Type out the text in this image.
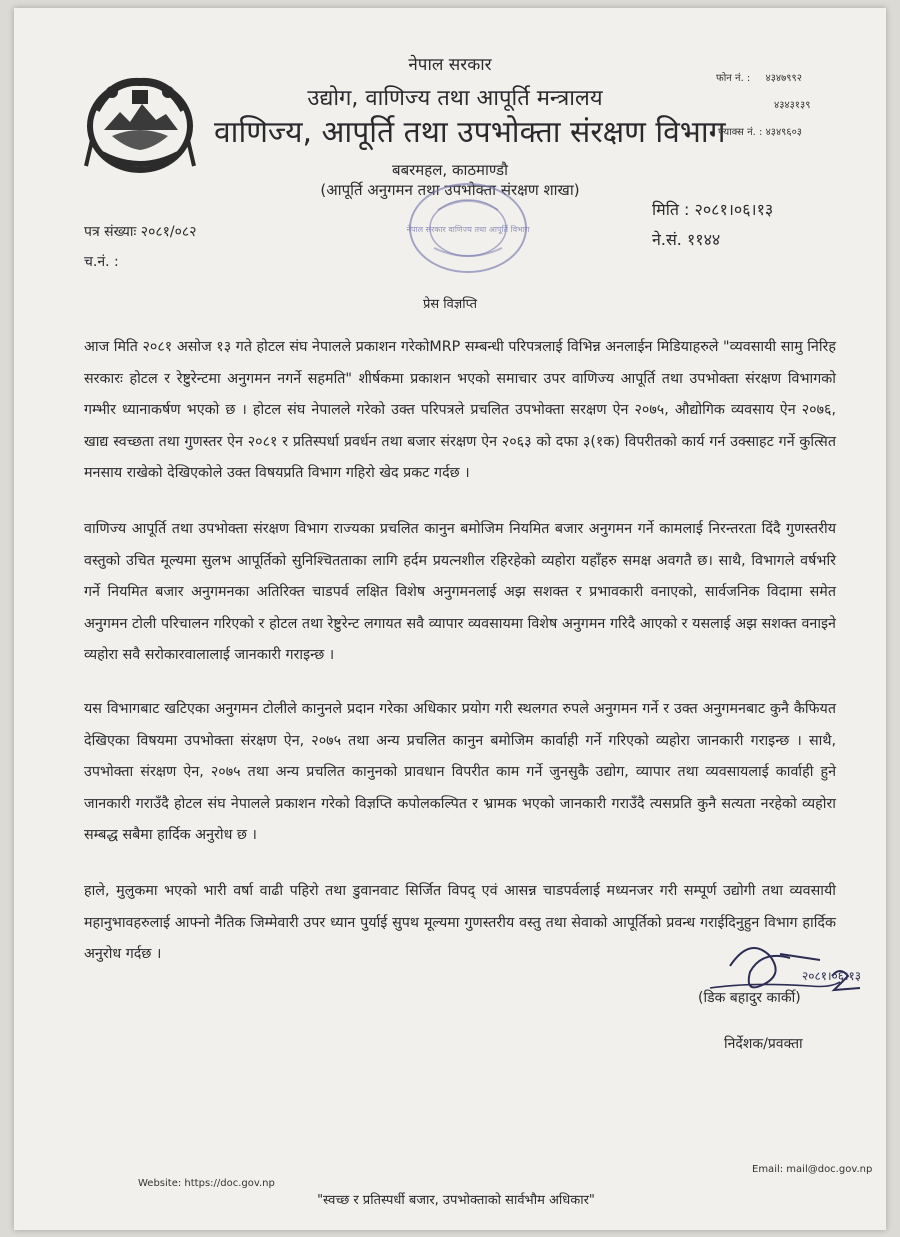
नेपाल सरकार
उद्योग, वाणिज्य तथा आपूर्ति मन्त्रालय
वाणिज्य, आपूर्ति तथा उपभोक्ता संरक्षण विभाग
बबरमहल, काठमाण्डौ
(आपूर्ति अनुगमन तथा उपभोक्ता संरक्षण शाखा)
फोन नं. : ४३४७९९२
४३४३१३९
फ्याक्स नं. : ४३४९६०३
पत्र संख्याः २०८१/०८२
च.नं. :
मिति : २०८१।०६।१३
ने.सं. ११४४
नेपाल सरकार वाणिज्य तथा आपूर्ति विभाग
प्रेस विज्ञप्ति

आज मिति २०८१ असोज १३ गते होटल संघ नेपालले प्रकाशन गरेकोMRP सम्बन्धी परिपत्रलाई विभिन्न अनलाईन मिडियाहरुले "व्यवसायी सामु निरिह सरकारः होटल र रेष्टुरेन्टमा अनुगमन नगर्ने सहमति" शीर्षकमा प्रकाशन भएको समाचार उपर वाणिज्य आपूर्ति तथा उपभोक्ता संरक्षण विभागको गम्भीर ध्यानाकर्षण भएको छ । होटल संघ नेपालले गरेको उक्त परिपत्रले प्रचलित उपभोक्ता सरक्षण ऐन २०७५, औद्योगिक व्यवसाय ऐन २०७६, खाद्य स्वच्छता तथा गुणस्तर ऐन २०८१ र प्रतिस्पर्धा प्रवर्धन तथा बजार संरक्षण ऐन २०६३ को दफा ३(१क) विपरीतको कार्य गर्न उक्साहट गर्ने कुत्सित मनसाय राखेको देखिएकोले उक्त विषयप्रति विभाग गहिरो खेद प्रकट गर्दछ ।

वाणिज्य आपूर्ति तथा उपभोक्ता संरक्षण विभाग राज्यका प्रचलित कानुन बमोजिम नियमित बजार अनुगमन गर्ने कामलाई निरन्तरता दिंदै गुणस्तरीय वस्तुको उचित मूल्यमा सुलभ आपूर्तिको सुनिश्चितताका लागि हर्दम प्रयत्नशील रहिरहेको व्यहोरा यहाँहरु समक्ष अवगतै छ। साथै, विभागले वर्षभरि गर्ने नियमित बजार अनुगमनका अतिरिक्त चाडपर्व लक्षित विशेष अनुगमनलाई अझ सशक्त र प्रभावकारी वनाएको, सार्वजनिक विदामा समेत अनुगमन टोली परिचालन गरिएको र होटल तथा रेष्टुरेन्ट लगायत सवै व्यापार व्यवसायमा विशेष अनुगमन गरिदै आएको र यसलाई अझ सशक्त वनाइने व्यहोरा सवै सरोकारवालालाई जानकारी गराइन्छ ।

यस विभागबाट खटिएका अनुगमन टोलीले कानुनले प्रदान गरेका अधिकार प्रयोग गरी स्थलगत रुपले अनुगमन गर्ने र उक्त अनुगमनबाट कुनै कैफियत देखिएका विषयमा उपभोक्ता संरक्षण ऐन, २०७५ तथा अन्य प्रचलित कानुन बमोजिम कार्वाही गर्ने गरिएको व्यहोरा जानकारी गराइन्छ । साथै, उपभोक्ता संरक्षण ऐन, २०७५ तथा अन्य प्रचलित कानुनको प्रावधान विपरीत काम गर्ने जुनसुकै उद्योग, व्यापार तथा व्यवसायलाई कार्वाही हुने जानकारी गराउँदै होटल संघ नेपालले प्रकाशन गरेको विज्ञप्ति कपोलकल्पित र भ्रामक भएको जानकारी गराउँदै त्यसप्रति कुनै सत्यता नरहेको व्यहोरा सम्बद्ध सबैमा हार्दिक अनुरोध छ ।

हाले, मुलुकमा भएको भारी वर्षा वाढी पहिरो तथा डुवानवाट सिर्जित विपद् एवं आसन्न चाडपर्वलाई मध्यनजर गरी सम्पूर्ण उद्योगी तथा व्यवसायी महानुभावहरुलाई आफ्नो नैतिक जिम्मेवारी उपर ध्यान पुर्याई सुपथ मूल्यमा गुणस्तरीय वस्तु तथा सेवाको आपूर्तिको प्रवन्ध गराईदिनुहुन विभाग हार्दिक अनुरोध गर्दछ ।

२०८१।०६।१३
(डिक बहादुर कार्की)
निर्देशक/प्रवक्ता
Email: mail@doc.gov.np
Website: https://doc.gov.np
"स्वच्छ र प्रतिस्पर्धी बजार, उपभोक्ताको सार्वभौम अधिकार"
